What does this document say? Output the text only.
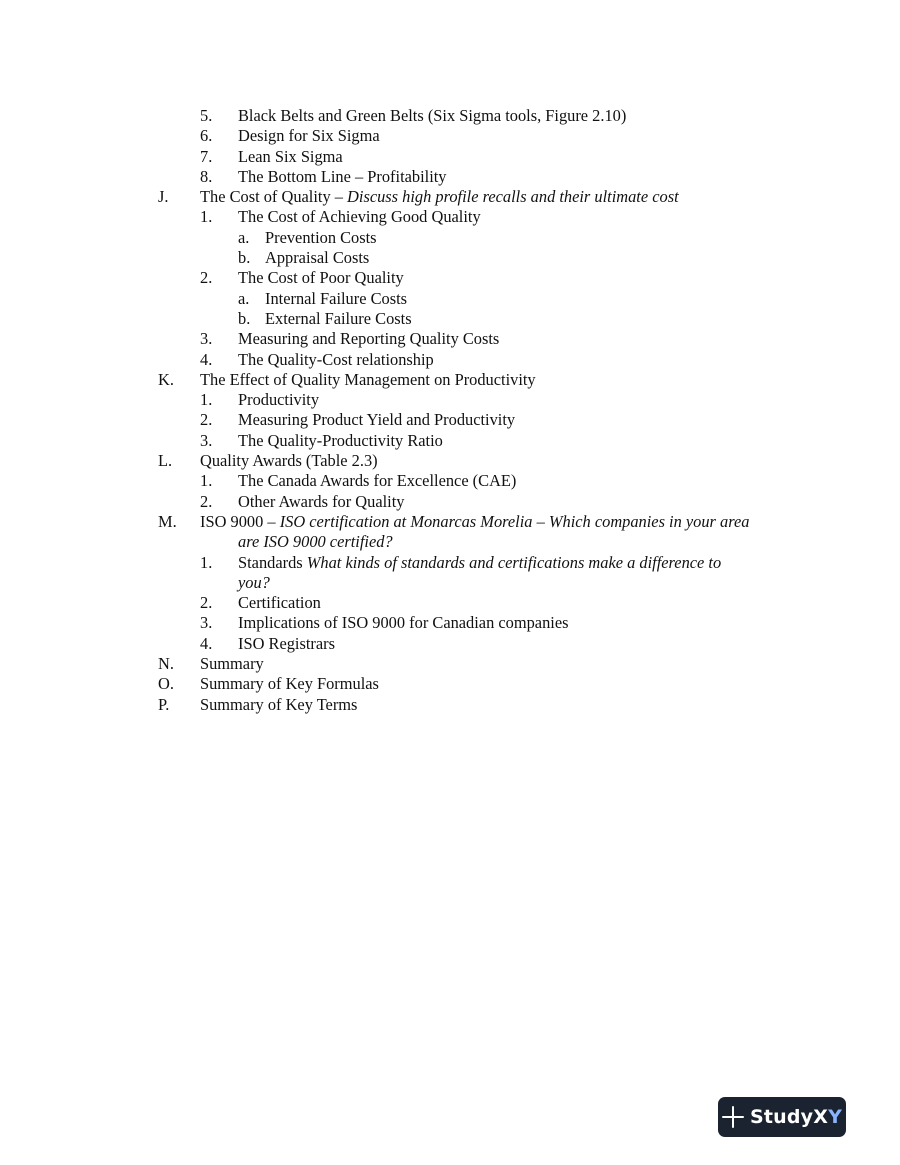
5. Black Belts and Green Belts (Six Sigma tools, Figure 2.10)
6. Design for Six Sigma
7. Lean Six Sigma
8. The Bottom Line – Profitability
J. The Cost of Quality – Discuss high profile recalls and their ultimate cost
1. The Cost of Achieving Good Quality
a. Prevention Costs
b. Appraisal Costs
2. The Cost of Poor Quality
a. Internal Failure Costs
b. External Failure Costs
3. Measuring and Reporting Quality Costs
4. The Quality-Cost relationship
K. The Effect of Quality Management on Productivity
1. Productivity
2. Measuring Product Yield and Productivity
3. The Quality-Productivity Ratio
L. Quality Awards (Table 2.3)
1. The Canada Awards for Excellence (CAE)
2. Other Awards for Quality
M. ISO 9000 – ISO certification at Monarcas Morelia – Which companies in your area
are ISO 9000 certified?
1. Standards What kinds of standards and certifications make a difference to
you?
2. Certification
3. Implications of ISO 9000 for Canadian companies
4. ISO Registrars
N. Summary
O. Summary of Key Formulas
P. Summary of Key Terms
StudyXY
